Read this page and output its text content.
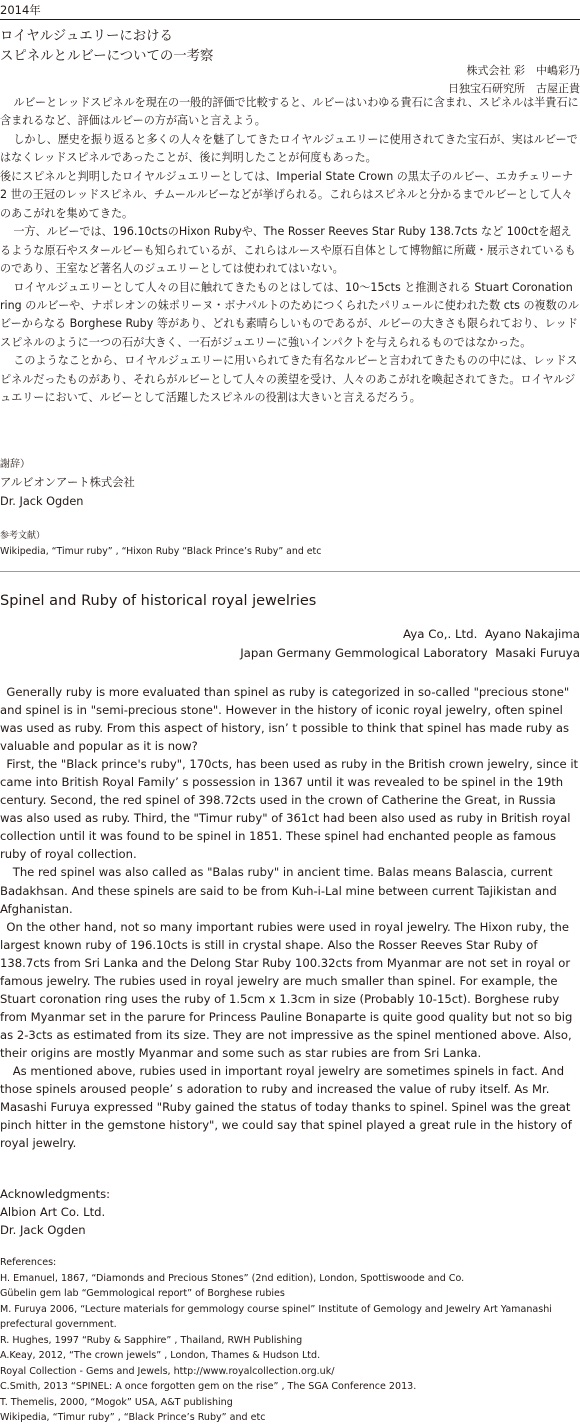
2014年
ロイヤルジュエリーにおける
スピネルとルビーについての一考察
株式会社 彩　中嶋彩乃
日独宝石研究所　古屋正貴

ルビーとレッドスピネルを現在の一般的評価で比較すると、ルビーはいわゆる貴石に含まれ、スピネルは半貴石に含まれるなど、評価はルビーの方が高いと言えよう。

しかし、歴史を振り返ると多くの人々を魅了してきたロイヤルジュエリーに使用されてきた宝石が、実はルビーではなくレッドスピネルであったことが、後に判明したことが何度もあった。

後にスピネルと判明したロイヤルジュエリーとしては、Imperial State Crown の黒太子のルビー、エカチェリーナ 2 世の王冠のレッドスピネル、チムールルビーなどが挙げられる。これらはスピネルと分かるまでルビーとして人々のあこがれを集めてきた。

一方、ルビーでは、196.10ctsのHixon Rubyや、The Rosser Reeves Star Ruby 138.7cts など 100ctを超えるような原石やスタールビーも知られているが、これらはルースや原石自体として博物館に所蔵・展示されているものであり、王室など著名人のジュエリーとしては使われてはいない。

ロイヤルジュエリーとして人々の目に触れてきたものとはしては、10〜15cts と推測される Stuart Coronation ring のルビーや、ナポレオンの妹ポリーヌ・ボナパルトのためにつくられたパリュールに使われた数 cts の複数のルビーからなる Borghese Ruby 等があり、どれも素晴らしいものであるが、ルビーの大きさも限られており、レッドスピネルのように一つの石が大きく、一石がジュエリーに強いインパクトを与えられるものではなかった。

このようなことから、ロイヤルジュエリーに用いられてきた有名なルビーと言われてきたものの中には、レッドスピネルだったものがあり、それらがルビーとして人々の羨望を受け、人々のあこがれを喚起されてきた。ロイヤルジュエリーにおいて、ルビーとして活躍したスピネルの役割は大きいと言えるだろう。

謝辞）
アルビオンアート株式会社
Dr. Jack Ogden
参考文献）
Wikipedia, “Timur ruby” , “Hixon Ruby “Black Prince’s Ruby” and etc
Spinel and Ruby of historical royal jewelries
Aya Co,. Ltd.  Ayano Nakajima
Japan Germany Gemmological Laboratory  Masaki Furuya

Generally ruby is more evaluated than spinel as ruby is categorized in so-called "precious stone" and spinel is in "semi-precious stone". However in the history of iconic royal jewelry, often spinel was used as ruby. From this aspect of history, isn’ t possible to think that spinel has made ruby as valuable and popular as it is now?

First, the "Black prince's ruby", 170cts, has been used as ruby in the British crown jewelry, since it came into British Royal Family’ s possession in 1367 until it was revealed to be spinel in the 19th century. Second, the red spinel of 398.72cts used in the crown of Catherine the Great, in Russia was also used as ruby. Third, the "Timur ruby" of 361ct had been also used as ruby in British royal collection until it was found to be spinel in 1851. These spinel had enchanted people as famous ruby of royal collection.

The red spinel was also called as "Balas ruby" in ancient time. Balas means Balascia, current Badakhsan. And these spinels are said to be from Kuh-i-Lal mine between current Tajikistan and Afghanistan.

On the other hand, not so many important rubies were used in royal jewelry. The Hixon ruby, the largest known ruby of 196.10cts is still in crystal shape. Also the Rosser Reeves Star Ruby of 138.7cts from Sri Lanka and the Delong Star Ruby 100.32cts from Myanmar are not set in royal or famous jewelry. The rubies used in royal jewelry are much smaller than spinel. For example, the Stuart coronation ring uses the ruby of 1.5cm x 1.3cm in size (Probably 10-15ct). Borghese ruby from Myanmar set in the parure for Princess Pauline Bonaparte is quite good quality but not so big as 2-3cts as estimated from its size. They are not impressive as the spinel mentioned above. Also, their origins are mostly Myanmar and some such as star rubies are from Sri Lanka.

As mentioned above, rubies used in important royal jewelry are sometimes spinels in fact. And those spinels aroused people’ s adoration to ruby and increased the value of ruby itself. As Mr. Masashi Furuya expressed "Ruby gained the status of today thanks to spinel. Spinel was the great pinch hitter in the gemstone history", we could say that spinel played a great rule in the history of royal jewelry.

Acknowledgments:
Albion Art Co. Ltd.
Dr. Jack Ogden
References:
H. Emanuel, 1867, “Diamonds and Precious Stones” (2nd edition), London, Spottiswoode and Co.
Gübelin gem lab “Gemmological report” of Borghese rubies
M. Furuya 2006, “Lecture materials for gemmology course spinel” Institute of Gemology and Jewelry Art Yamanashi
prefectural government.
R. Hughes, 1997 “Ruby & Sapphire” , Thailand, RWH Publishing
A.Keay, 2012, “The crown jewels” , London, Thames & Hudson Ltd.
Royal Collection - Gems and Jewels, http://www.royalcollection.org.uk/
C.Smith, 2013 “SPINEL: A once forgotten gem on the rise” , The SGA Conference 2013.
T. Themelis, 2000, “Mogok” USA, A&T publishing
Wikipedia, “Timur ruby” , “Black Prince’s Ruby” and etc
